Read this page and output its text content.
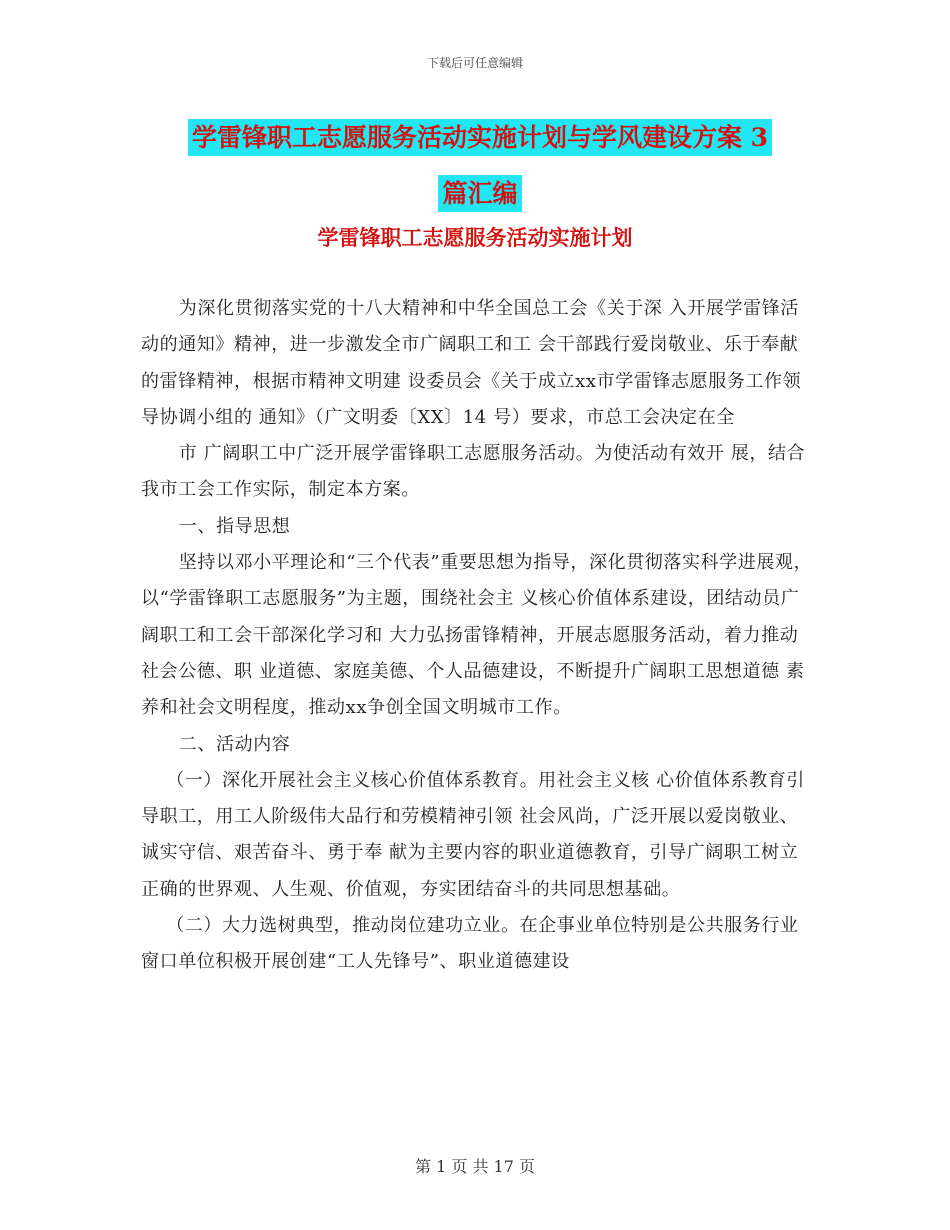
下载后可任意编辑
学雷锋职工志愿服务活动实施计划与学风建设方案 3
篇汇编
学雷锋职工志愿服务活动实施计划

为深化贯彻落实党的十八大精神和中华全国总工会《关于深 入开展学雷锋活动的通知》精神，进一步激发全市广阔职工和工 会干部践行爱岗敬业、乐于奉献的雷锋精神，根据市精神文明建 设委员会《关于成立xx市学雷锋志愿服务工作领导协调小组的 通知》（广文明委〔XX〕14 号）要求，市总工会决定在全

市 广阔职工中广泛开展学雷锋职工志愿服务活动。为使活动有效开 展，结合我市工会工作实际，制定本方案。

一、指导思想

坚持以邓小平理论和“三个代表”重要思想为指导，深化贯彻落实科学进展观，以“学雷锋职工志愿服务”为主题，围绕社会主 义核心价值体系建设，团结动员广阔职工和工会干部深化学习和 大力弘扬雷锋精神，开展志愿服务活动，着力推动社会公德、职 业道德、家庭美德、个人品德建设，不断提升广阔职工思想道德 素养和社会文明程度，推动xx争创全国文明城市工作。

二、活动内容

（一）深化开展社会主义核心价值体系教育。用社会主义核 心价值体系教育引导职工，用工人阶级伟大品行和劳模精神引领 社会风尚，广泛开展以爱岗敬业、诚实守信、艰苦奋斗、勇于奉 献为主要内容的职业道德教育，引导广阔职工树立正确的世界观、人生观、价值观，夯实团结奋斗的共同思想基础。

（二）大力选树典型，推动岗位建功立业。在企事业单位特别是公共服务行业窗口单位积极开展创建“工人先锋号”、职业道德建设

第 1 页 共 17 页
